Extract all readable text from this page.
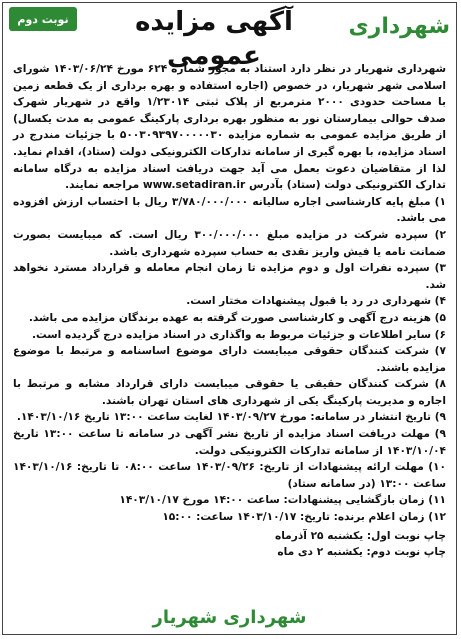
نوبت دوم	آگهی مزایده عمومی
شهرداری

شهرداری شهریار در نظر دارد استناد به مجوز شماره ۶۲۴ مورخ ۱۴۰۳/۰۶/۲۴ شورای اسلامی شهر شهریار، در خصوص (اجاره استفاده و بهره برداری از یک قطعه زمین با مساحت حدودی ۲۰۰۰ مترمربع از پلاک ثبتی ۱/۲۳۰۱۴ واقع در شهریار شهرک صدف حوالی بیمارستان نور به منظور بهره برداری پارکینگ عمومی به مدت یکسال) از طریق مزایده عمومی به شماره مزایده ۵۰۰۳۰۹۳۹۷۰۰۰۰۰۳۰ با جزئیات مندرج در اسناد مزایده، با بهره گیری از سامانه تدارکات الکترونیکی دولت (ستاد)، اقدام نماید. لذا از متقاضیان دعوت بعمل می آید جهت دریافت اسناد مزایده به درگاه سامانه تدارک الکترونیکی دولت (ستاد) بآدرس www.setadiran.ir مراجعه نمایند.

۱) مبلغ پایه کارشناسی اجاره سالیانه ۳/۷۸۰/۰۰۰/۰۰۰ ریال با احتساب ارزش افزوده می باشد.
۲) سپرده شرکت در مزایده مبلغ ۳۰۰/۰۰۰/۰۰۰ ریال است. که میبایست بصورت ضمانت نامه یا فیش واریز نقدی به حساب سپرده شهرداری باشد.
۳) سپرده نفرات اول و دوم مزایده تا زمان انجام معامله و قرارداد مسترد نخواهد شد.
۴) شهرداری در رد یا قبول پیشنهادات مختار است.
۵) هزینه درج آگهی و کارشناسی صورت گرفته به عهده برندگان مزایده می باشد.
۶) سایر اطلاعات و جزئیات مربوط به واگذاری در اسناد مزایده درج گردیده است.
۷) شرکت کنندگان حقوقی میبایست دارای موضوع اساسنامه و مرتبط با موضوع مزایده باشند.
۸) شرکت کنندگان حقیقی یا حقوقی میبایست دارای قرارداد مشابه و مرتبط با اجاره و مدیریت پارکینگ یکی از شهرداری های استان تهران باشند.
۹) تاریخ انتشار در سامانه: مورخ ۱۴۰۳/۰۹/۲۷ لغایت ساعت ۱۳:۰۰ تاریخ ۱۴۰۳/۱۰/۱۶.
۹) مهلت دریافت اسناد مزایده از تاریخ نشر آگهی در سامانه تا ساعت ۱۳:۰۰ تاریخ ۱۴۰۳/۱۰/۰۴ از سامانه تدارکات الکترونیکی دولت.
۱۰) مهلت ارائه پیشنهادات از تاریخ: ۱۴۰۳/۰۹/۲۶ ساعت ۰۸:۰۰ تا تاریخ: ۱۴۰۳/۱۰/۱۶ ساعت ۱۳:۰۰ (در سامانه ستاد)
۱۱) زمان بازگشایی پیشنهادات: ساعت ۱۴:۰۰ مورخ ۱۴۰۳/۱۰/۱۷
۱۲) زمان اعلام برنده: تاریخ: ۱۴۰۳/۱۰/۱۷ ساعت: ۱۵:۰۰

چاپ نوبت اول: یکشنبه ۲۵ آذرماه

چاپ نوبت دوم: یکشنبه ۲ دی ماه

شهرداری شهریار
